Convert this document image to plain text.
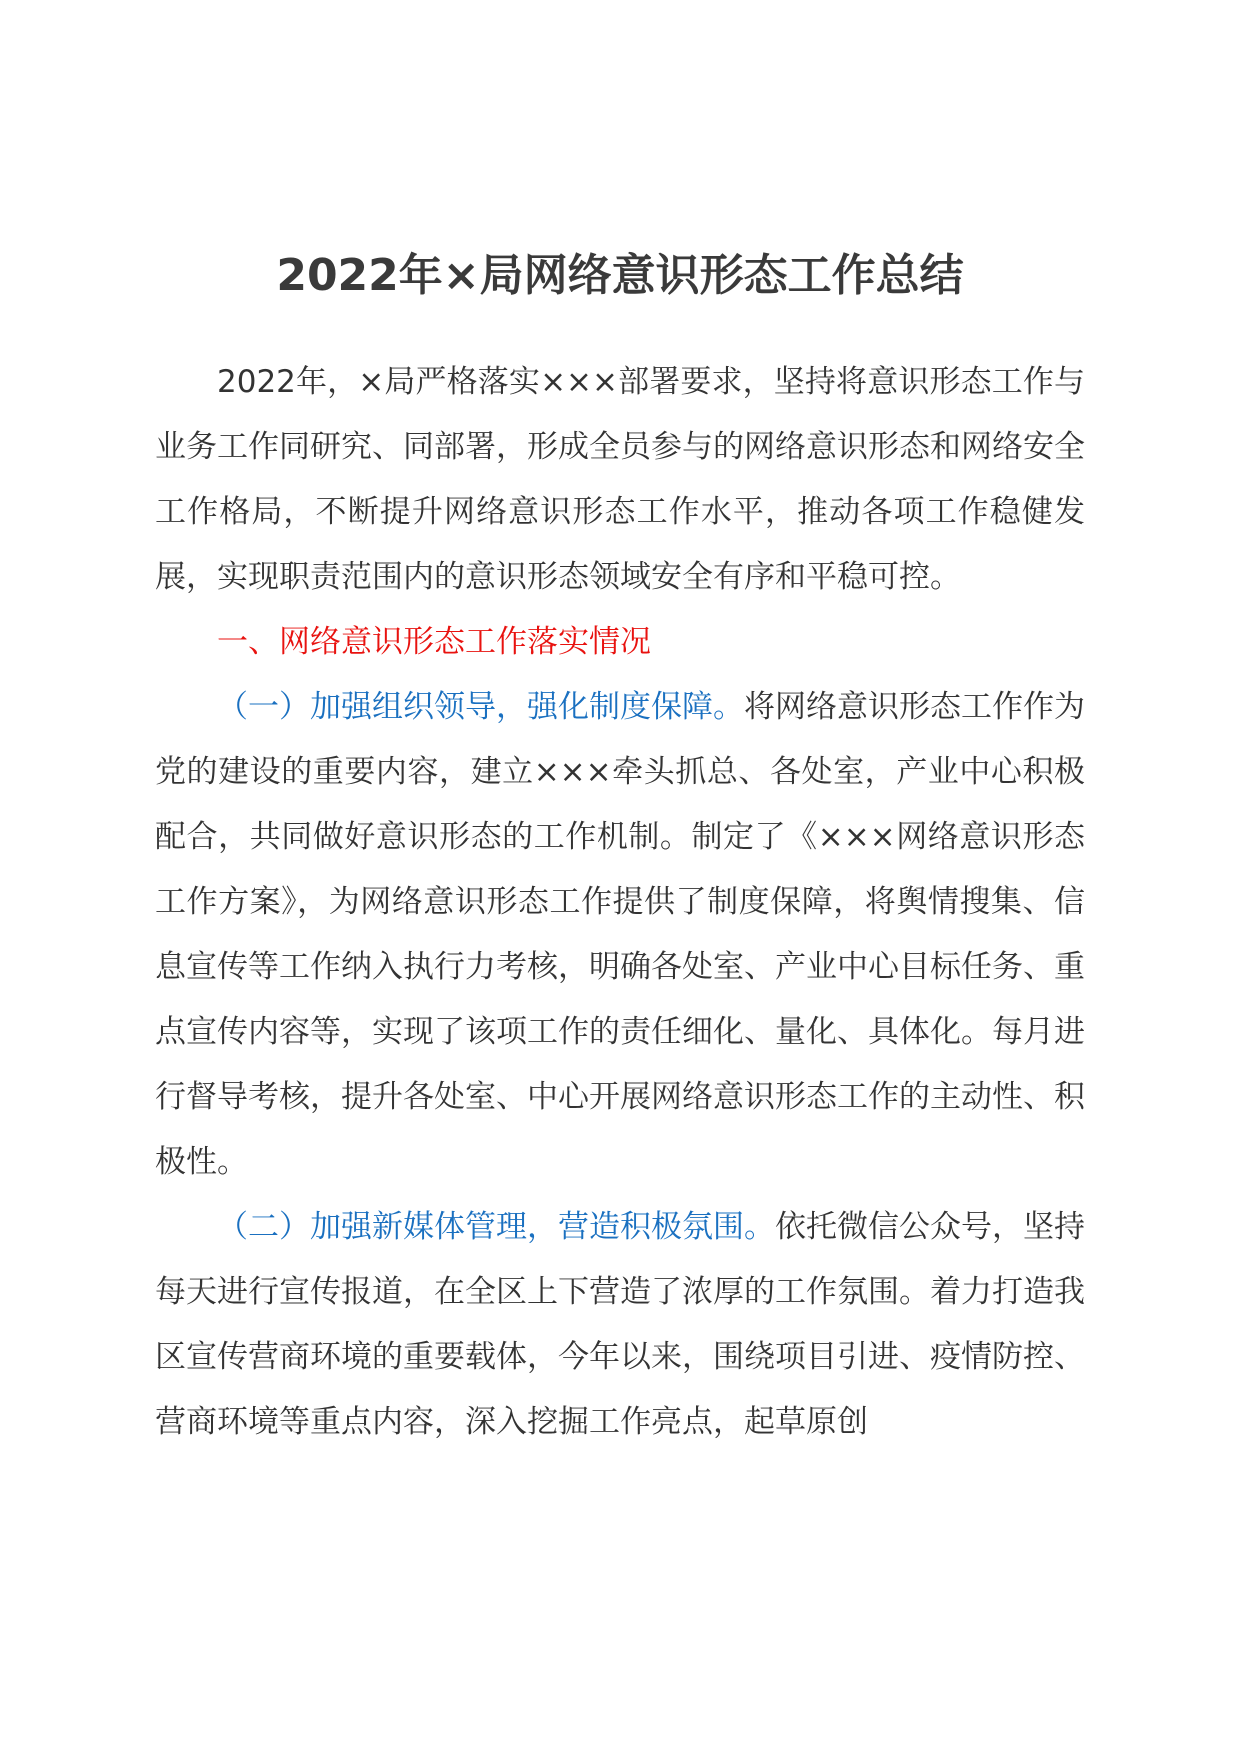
2022年×局网络意识形态工作总结

2022年，×局严格落实×××部署要求，坚持将意识形态工作与业务工作同研究、同部署，形成全员参与的网络意识形态和网络安全工作格局，不断提升网络意识形态工作水平，推动各项工作稳健发展，实现职责范围内的意识形态领域安全有序和平稳可控。

一、网络意识形态工作落实情况

（一）加强组织领导，强化制度保障。将网络意识形态工作作为党的建设的重要内容，建立×××牵头抓总、各处室，产业中心积极配合，共同做好意识形态的工作机制。制定了《×××网络意识形态工作方案》，为网络意识形态工作提供了制度保障，将舆情搜集、信息宣传等工作纳入执行力考核，明确各处室、产业中心目标任务、重点宣传内容等，实现了该项工作的责任细化、量化、具体化。每月进行督导考核，提升各处室、中心开展网络意识形态工作的主动性、积极性。

（二）加强新媒体管理，营造积极氛围。依托微信公众号，坚持每天进行宣传报道，在全区上下营造了浓厚的工作氛围。着力打造我区宣传营商环境的重要载体，今年以来，围绕项目引进、疫情防控、营商环境等重点内容，深入挖掘工作亮点，起草原创
